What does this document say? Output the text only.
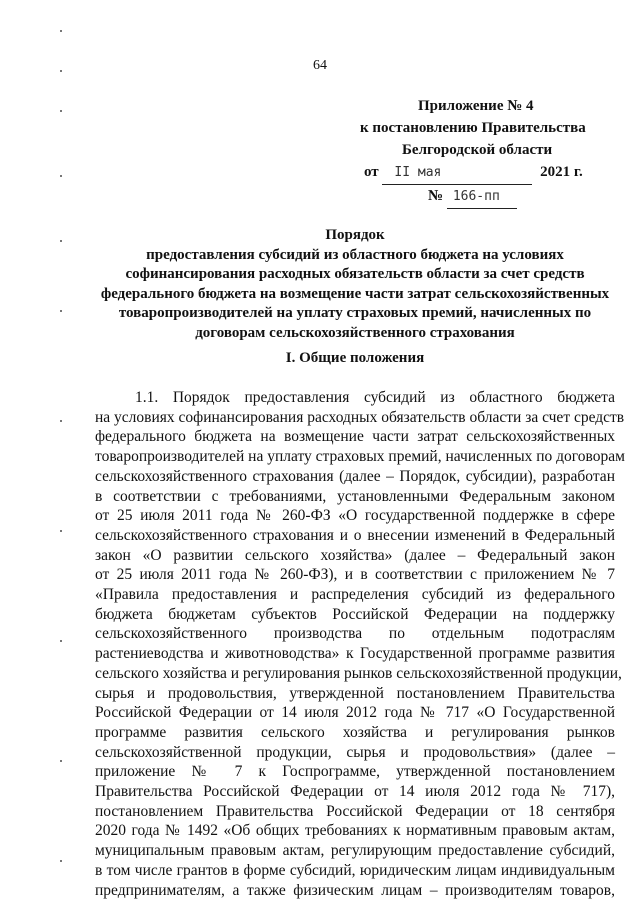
64
Приложение № 4
к постановлению Правительства
Белгородской области
от II мая	2021 г.
№ 166-пп
Порядок
предоставления субсидий из областного бюджета на условиях
софинансирования расходных обязательств области за счет средств
федерального бюджета на возмещение части затрат сельскохозяйственных
товаропроизводителей на уплату страховых премий, начисленных по
договорам сельскохозяйственного страхования
I. Общие положения
1.1. Порядок предоставления субсидий из областного бюджета
на условиях софинансирования расходных обязательств области за счет средств
федерального бюджета на возмещение части затрат сельскохозяйственных
товаропроизводителей на уплату страховых премий, начисленных по договорам
сельскохозяйственного страхования (далее – Порядок, субсидии), разработан
в соответствии с требованиями, установленными Федеральным законом
от 25 июля 2011 года № 260-ФЗ «О государственной поддержке в сфере
сельскохозяйственного страхования и о внесении изменений в Федеральный
закон «О развитии сельского хозяйства» (далее – Федеральный закон
от 25 июля 2011 года № 260-ФЗ), и в соответствии с приложением № 7
«Правила предоставления и распределения субсидий из федерального
бюджета бюджетам субъектов Российской Федерации на поддержку
сельскохозяйственного производства по отдельным подотраслям
растениеводства и животноводства» к Государственной программе развития
сельского хозяйства и регулирования рынков сельскохозяйственной продукции,
сырья и продовольствия, утвержденной постановлением Правительства
Российской Федерации от 14 июля 2012 года № 717 «О Государственной
программе развития сельского хозяйства и регулирования рынков
сельскохозяйственной продукции, сырья и продовольствия» (далее –
приложение № 7 к Госпрограмме, утвержденной постановлением
Правительства Российской Федерации от 14 июля 2012 года № 717),
постановлением Правительства Российской Федерации от 18 сентября
2020 года № 1492 «Об общих требованиях к нормативным правовым актам,
муниципальным правовым актам, регулирующим предоставление субсидий,
в том числе грантов в форме субсидий, юридическим лицам индивидуальным
предпринимателям, а также физическим лицам – производителям товаров,
